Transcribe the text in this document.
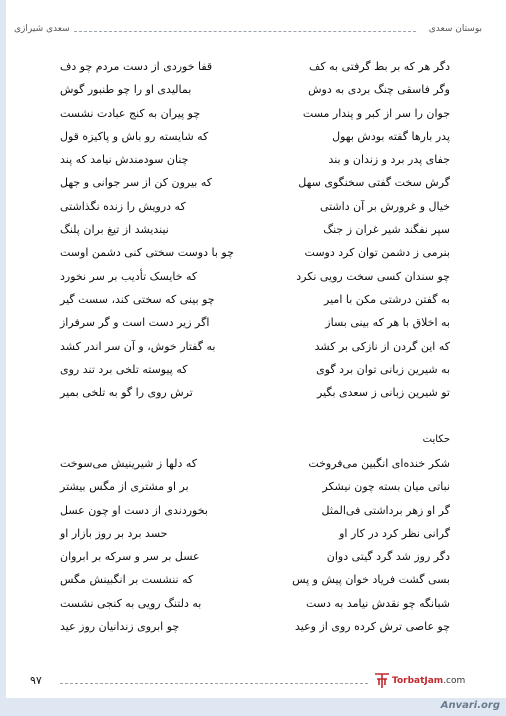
سعدی شیرازی	بوستان سعدی
دگر هر که بر بط گرفتی به کف
قفا خوردی از دست مردم چو دف
وگر فاسقی چنگ بردی به دوش
بمالیدی او را چو طنبور گوش
جوان را سر از کبر و پندار مست
چو پیران به کنج عبادت نشست
پدر بارها گفته بودش بهول
که شایسته رو باش و پاکیزه قول
جفای پدر برد و زندان و بند
چنان سودمندش نیامد که پند
گرش سخت گفتی سخنگوی سهل
که بیرون کن از سر جوانی و جهل
خیال و غرورش بر آن داشتی
که درویش را زنده نگذاشتی
سپر نفگند شیر غران ز جنگ
نیندیشد از تیغ بران پلنگ
بنرمی ز دشمن توان کرد دوست
چو با دوست سختی کنی دشمن اوست
چو سندان کسی سخت رویی نکرد
که خایسک تأدیب بر سر نخورد
به گفتن درشتی مکن با امیر
چو بینی که سختی کند، سست گیر
به اخلاق با هر که بینی بساز
اگر زیر دست است و گر سرفراز
که این گردن از نازکی بر کشد
به گفتار خوش، و آن سر اندر کشد
به شیرین زبانی توان برد گوی
که پیوسته تلخی برد تند روی
تو شیرین زبانی ز سعدی بگیر
ترش روی را گو به تلخی بمیر
حکایت
شکر خنده‌ای انگبین می‌فروخت
که دلها ز شیرینیش می‌سوخت
نباتی میان بسته چون نیشکر
بر او مشتری از مگس بیشتر
گر او زهر برداشتی فی‌المثل
بخوردندی از دست او چون عسل
گرانی نظر کرد در کار او
حسد برد بر روز بازار او
دگر روز شد گرد گیتی دوان
عسل بر سر و سرکه بر ابروان
بسی گشت فریاد خوان پیش و پس
که ننشست بر انگبینش مگس
شبانگه چو نقدش نیامد به دست
به دلتنگ رویی به کنجی نشست
چو عاصی ترش کرده روی از وعید
چو ابروی زندانیان روز عید
۹۷	TorbatJam.com
Anvari.org
